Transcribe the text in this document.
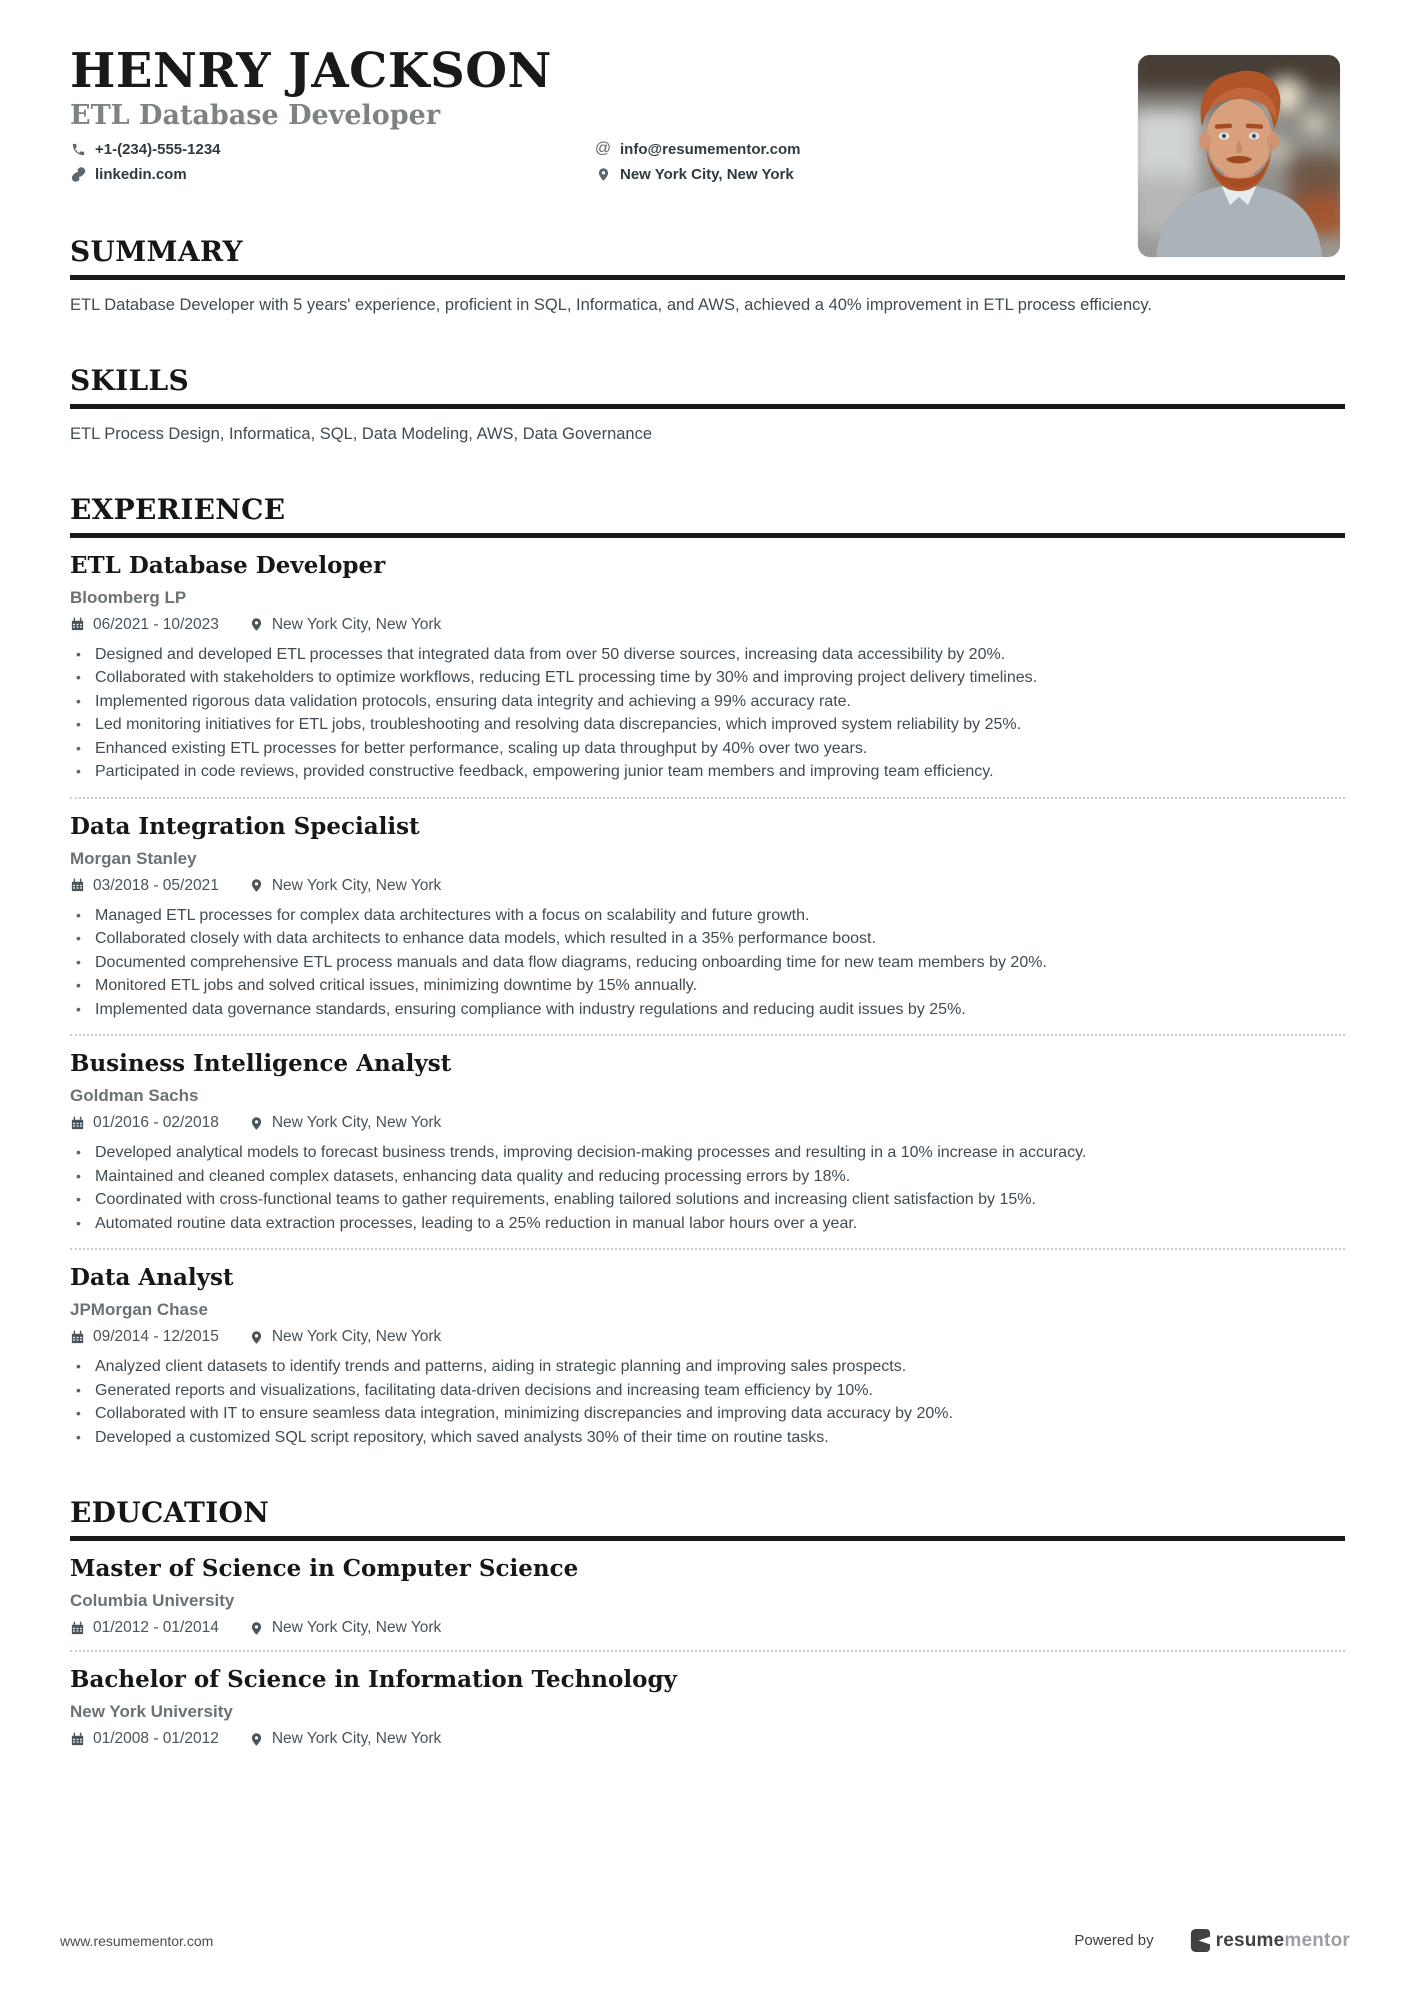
HENRY JACKSON
ETL Database Developer
+1-(234)-555-1234	@ info@resumementor.com
linkedin.com	New York City, New York
SUMMARY

ETL Database Developer with 5 years' experience, proficient in SQL, Informatica, and AWS, achieved a 40% improvement in ETL process efficiency.

SKILLS

ETL Process Design, Informatica, SQL, Data Modeling, AWS, Data Governance

EXPERIENCE
ETL Database Developer
Bloomberg LP
06/2021 - 10/2023	New York City, New York
• Designed and developed ETL processes that integrated data from over 50 diverse sources, increasing data accessibility by 20%.
• Collaborated with stakeholders to optimize workflows, reducing ETL processing time by 30% and improving project delivery timelines.
• Implemented rigorous data validation protocols, ensuring data integrity and achieving a 99% accuracy rate.
• Led monitoring initiatives for ETL jobs, troubleshooting and resolving data discrepancies, which improved system reliability by 25%.
• Enhanced existing ETL processes for better performance, scaling up data throughput by 40% over two years.
• Participated in code reviews, provided constructive feedback, empowering junior team members and improving team efficiency.
Data Integration Specialist
Morgan Stanley
03/2018 - 05/2021	New York City, New York
• Managed ETL processes for complex data architectures with a focus on scalability and future growth.
• Collaborated closely with data architects to enhance data models, which resulted in a 35% performance boost.
• Documented comprehensive ETL process manuals and data flow diagrams, reducing onboarding time for new team members by 20%.
• Monitored ETL jobs and solved critical issues, minimizing downtime by 15% annually.
• Implemented data governance standards, ensuring compliance with industry regulations and reducing audit issues by 25%.
Business Intelligence Analyst
Goldman Sachs
01/2016 - 02/2018	New York City, New York
• Developed analytical models to forecast business trends, improving decision-making processes and resulting in a 10% increase in accuracy.
• Maintained and cleaned complex datasets, enhancing data quality and reducing processing errors by 18%.
• Coordinated with cross-functional teams to gather requirements, enabling tailored solutions and increasing client satisfaction by 15%.
• Automated routine data extraction processes, leading to a 25% reduction in manual labor hours over a year.
Data Analyst
JPMorgan Chase
09/2014 - 12/2015	New York City, New York
• Analyzed client datasets to identify trends and patterns, aiding in strategic planning and improving sales prospects.
• Generated reports and visualizations, facilitating data-driven decisions and increasing team efficiency by 10%.
• Collaborated with IT to ensure seamless data integration, minimizing discrepancies and improving data accuracy by 20%.
• Developed a customized SQL script repository, which saved analysts 30% of their time on routine tasks.
EDUCATION
Master of Science in Computer Science
Columbia University
01/2012 - 01/2014	New York City, New York
Bachelor of Science in Information Technology
New York University
01/2008 - 01/2012	New York City, New York
www.resumementor.com	Powered by	resumementor
